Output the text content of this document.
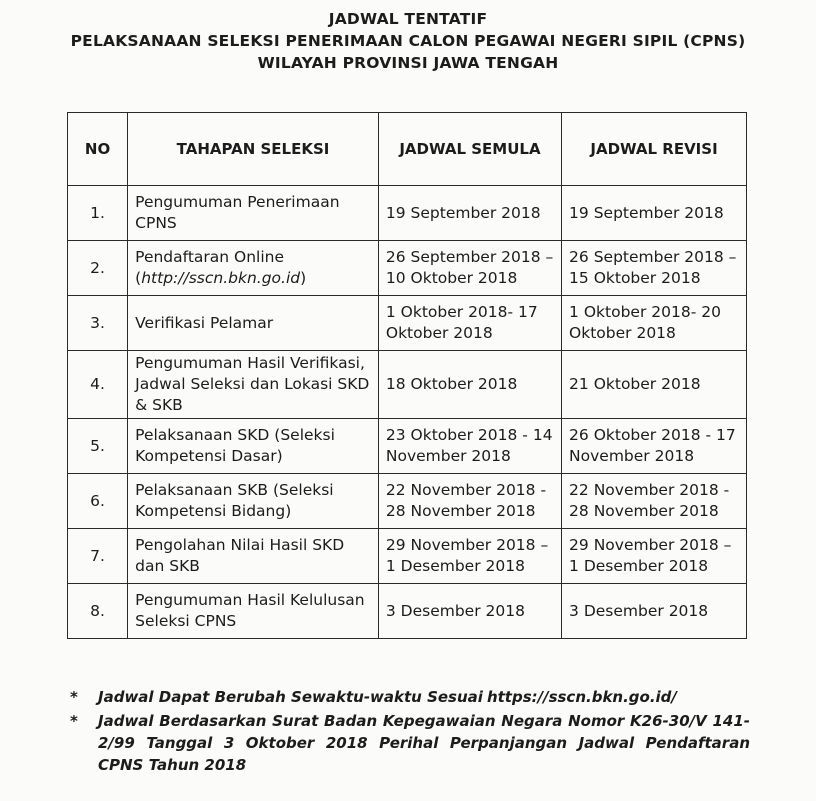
JADWAL TENTATIF
PELAKSANAAN SELEKSI PENERIMAAN CALON PEGAWAI NEGERI SIPIL (CPNS)
WILAYAH PROVINSI JAWA TENGAH
NO	TAHAPAN SELEKSI	JADWAL SEMULA	JADWAL REVISI
1.	Pengumuman Penerimaan CPNS	19 September 2018	19 September 2018
2.	Pendaftaran Online (http://sscn.bkn.go.id)	26 September 2018 – 10 Oktober 2018	26 September 2018 – 15 Oktober 2018
3.	Verifikasi Pelamar	1 Oktober 2018- 17 Oktober 2018	1 Oktober 2018- 20 Oktober 2018
4.	Pengumuman Hasil Verifikasi, Jadwal Seleksi dan Lokasi SKD & SKB	18 Oktober 2018	21 Oktober 2018
5.	Pelaksanaan SKD (Seleksi Kompetensi Dasar)	23 Oktober 2018 - 14 November 2018	26 Oktober 2018 - 17 November 2018
6.	Pelaksanaan SKB (Seleksi Kompetensi Bidang)	22 November 2018 - 28 November 2018	22 November 2018 - 28 November 2018
7.	Pengolahan Nilai Hasil SKD dan SKB	29 November 2018 – 1 Desember 2018	29 November 2018 – 1 Desember 2018
8.	Pengumuman Hasil Kelulusan Seleksi CPNS	3 Desember 2018	3 Desember 2018
*	Jadwal Dapat Berubah Sewaktu-waktu Sesuai https://sscn.bkn.go.id/
*	Jadwal Berdasarkan Surat Badan Kepegawaian Negara Nomor K26-30/V 141-2/99 Tanggal 3 Oktober 2018 Perihal Perpanjangan Jadwal Pendaftaran CPNS Tahun 2018
